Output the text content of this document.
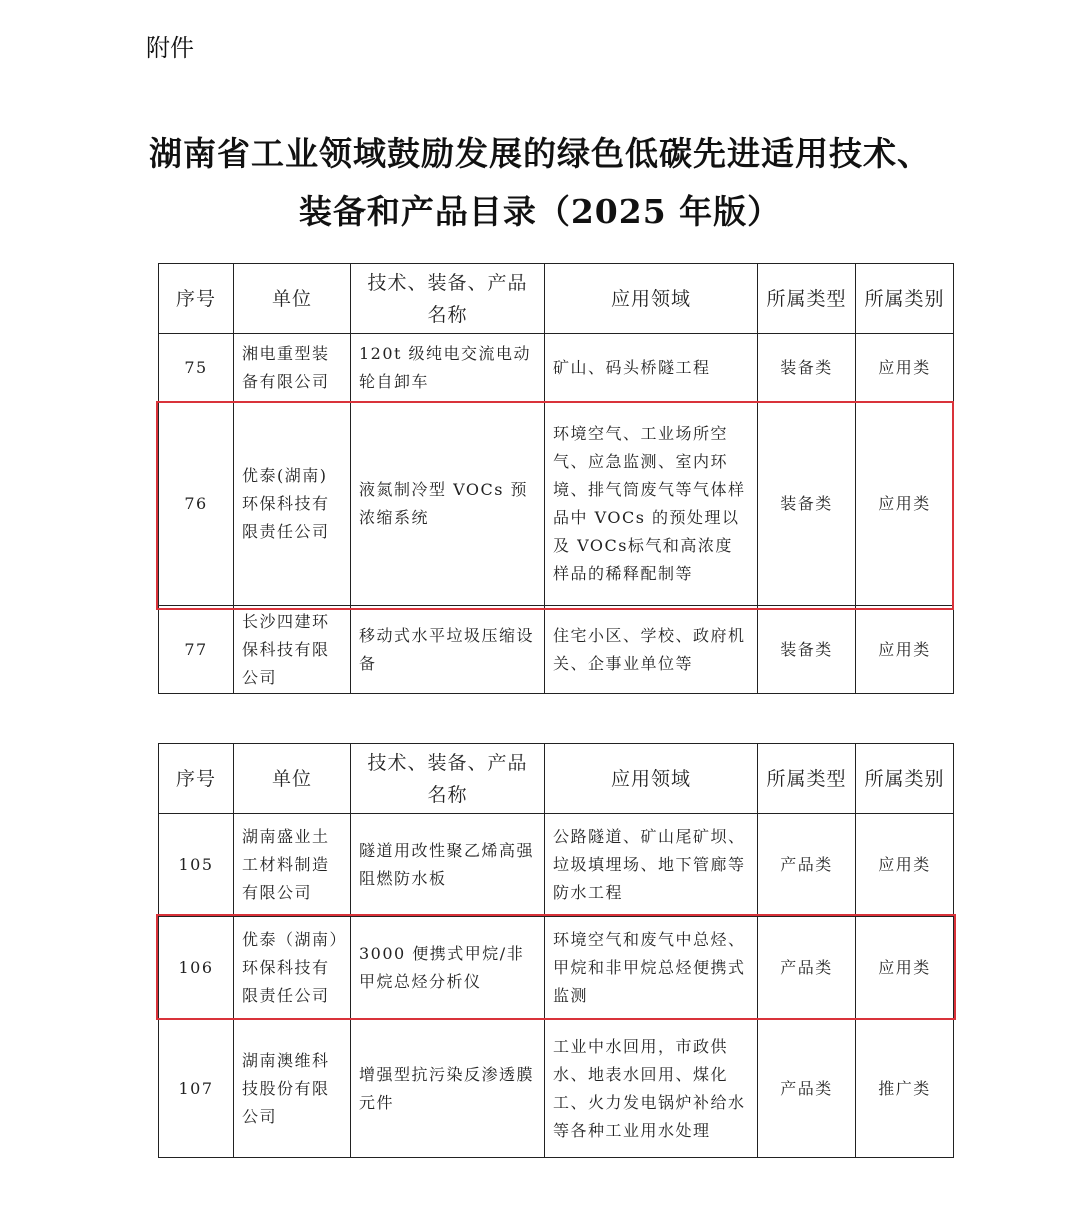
附件
湖南省工业领域鼓励发展的绿色低碳先进适用技术、
装备和产品目录（2025 年版）
序号	单位	技术、装备、产品名称	应用领域	所属类型	所属类别
75	湘电重型装备有限公司	120t 级纯电交流电动轮自卸车	矿山、码头桥隧工程	装备类	应用类
76	优泰(湖南)环保科技有限责任公司	液氮制冷型 VOCs 预浓缩系统	环境空气、工业场所空气、应急监测、室内环境、排气筒废气等气体样品中 VOCs 的预处理以及 VOCs标气和高浓度样品的稀释配制等	装备类	应用类
77	长沙四建环保科技有限公司	移动式水平垃圾压缩设备	住宅小区、学校、政府机关、企事业单位等	装备类	应用类
序号	单位	技术、装备、产品名称	应用领域	所属类型	所属类别
105	湖南盛业土工材料制造有限公司	隧道用改性聚乙烯高强阻燃防水板	公路隧道、矿山尾矿坝、垃圾填埋场、地下管廊等防水工程	产品类	应用类
106	优泰（湖南）环保科技有限责任公司	3000 便携式甲烷/非甲烷总烃分析仪	环境空气和废气中总烃、甲烷和非甲烷总烃便携式监测	产品类	应用类
107	湖南澳维科技股份有限公司	增强型抗污染反渗透膜元件	工业中水回用，市政供水、地表水回用、煤化工、火力发电锅炉补给水等各种工业用水处理	产品类	推广类
